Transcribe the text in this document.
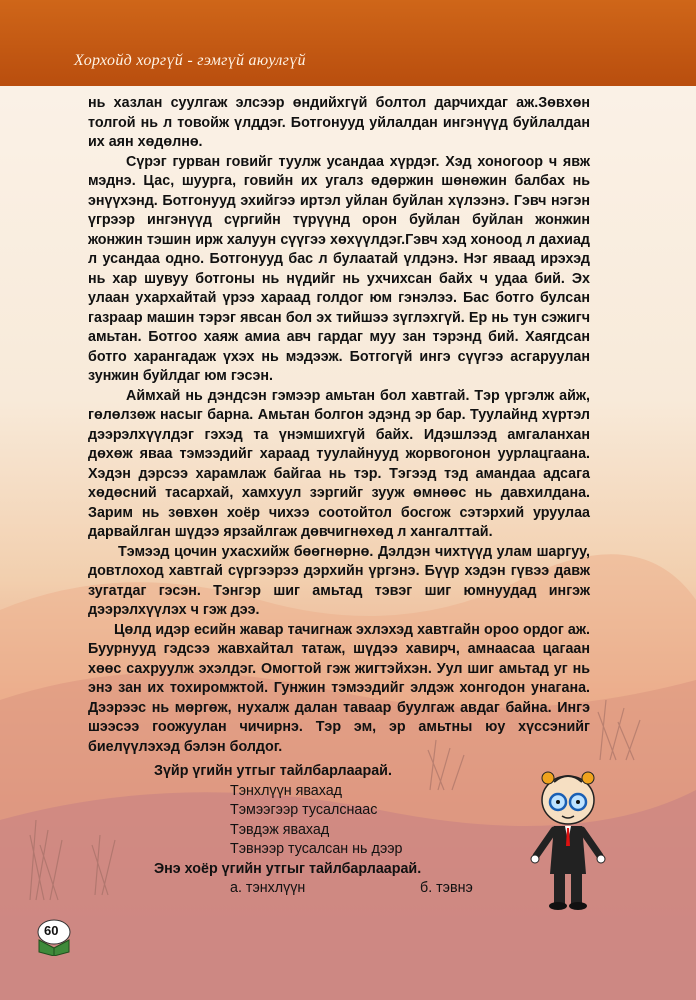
Хорхойд хоргүй - гэмгүй аюулгүй

нь хазлан суулгаж элсээр өндийхгүй болтол дарчихдаг аж.Зөвхөн толгой нь л товойж үлддэг. Ботгонууд уйлалдан ингэнүүд буйлалдан их аян хөдөлнө.

Сүрэг гурван говийг туулж усандаа хүрдэг. Хэд хоногоор ч явж мэднэ. Цас, шуурга, говийн их угалз өдөржин шөнөжин балбах нь энүүхэнд. Ботгонууд эхийгээ иртэл уйлан буйлан хүлээнэ. Гэвч нэгэн үгрээр ингэнүүд сүргийн түрүүнд орон буйлан буйлан жонжин жонжин тэшин ирж халуун сүүгээ хөхүүлдэг.Гэвч хэд хоноод л дахиад л усандаа одно. Ботгонууд бас л булаатай үлдэнэ. Нэг яваад ирэхэд нь хар шувуу ботгоны нь нүдийг нь ухчихсан байх ч удаа бий. Эх улаан ухархайтай үрээ хараад голдог юм гэнэлээ. Бас ботго булсан газраар машин тэрэг явсан бол эх тийшээ зүглэхгүй. Ер нь тун сэжигч амьтан. Ботгоо хаяж амиа авч гардаг муу зан тэрэнд бий. Хаягдсан ботго харангадаж үхэх нь мэдээж. Ботгогүй ингэ сүүгээ асгаруулан зунжин буйлдаг юм гэсэн.

Аймхай нь дэндсэн гэмээр амьтан бол хавтгай. Тэр үргэлж айж, гөлөлзөж насыг барна. Амьтан болгон эдэнд эр бар. Туулайнд хүртэл дээрэлхүүлдэг гэхэд та үнэмшихгүй байх. Идэшлээд амгаланхан дөхөж яваа тэмээдийг хараад туулайнууд жорвогонон уурлацгаана. Хэдэн дэрсээ харамлаж байгаа нь тэр. Тэгээд тэд амандаа адсага хөдөсний тасархай, хамхуул зэргийг зууж өмнөөс нь давхилдана. Зарим нь зөвхөн хоёр чихээ соотойтол босгож сэтэрхий уруулаа дарвайлган шүдээ ярзайлгаж дөвчигнөхөд л хангалттай.

Тэмээд цочин ухасхийж бөөгнөрнө. Дэлдэн чихтүүд улам шаргуу, довтлоход хавтгай сүргээрээ дэрхийн үргэнэ. Бүүр хэдэн гүвээ давж зугатдаг гэсэн. Тэнгэр шиг амьтад тэвэг шиг юмнуудад ингэж дээрэлхүүлэх ч гэж дээ.

Цөлд идэр есийн жавар тачигнаж эхлэхэд хавтгайн орoo ордог аж. Буурнууд гэдсээ жавхайтал татаж, шүдээ хавирч, амнаасаа цагаан хөөс сахруулж эхэлдэг. Омогтой гэж жигтэйхэн. Уул шиг амьтад уг нь энэ зан их тохиромжтой. Гунжин тэмээдийг элдэж хонгодон унагана. Дээрээс нь мөргөж, нухалж далан таваар буулгаж авдаг байна. Ингэ шээсээ гоожуулан чичирнэ. Тэр эм, эр амьтны юу хүссэнийг биелүүлэхэд бэлэн болдог.

Зүйр үгийн утгыг тайлбарлаарай.
Тэнхлүүн явахад
Тэмээгээр тусалснаас
Тэвдэж явахад
Тэвнээр тусалсан нь дээр
Энэ хоёр үгийн утгыг тайлбарлаарай.
а. тэнхлүүн	б. тэвнэ
60
